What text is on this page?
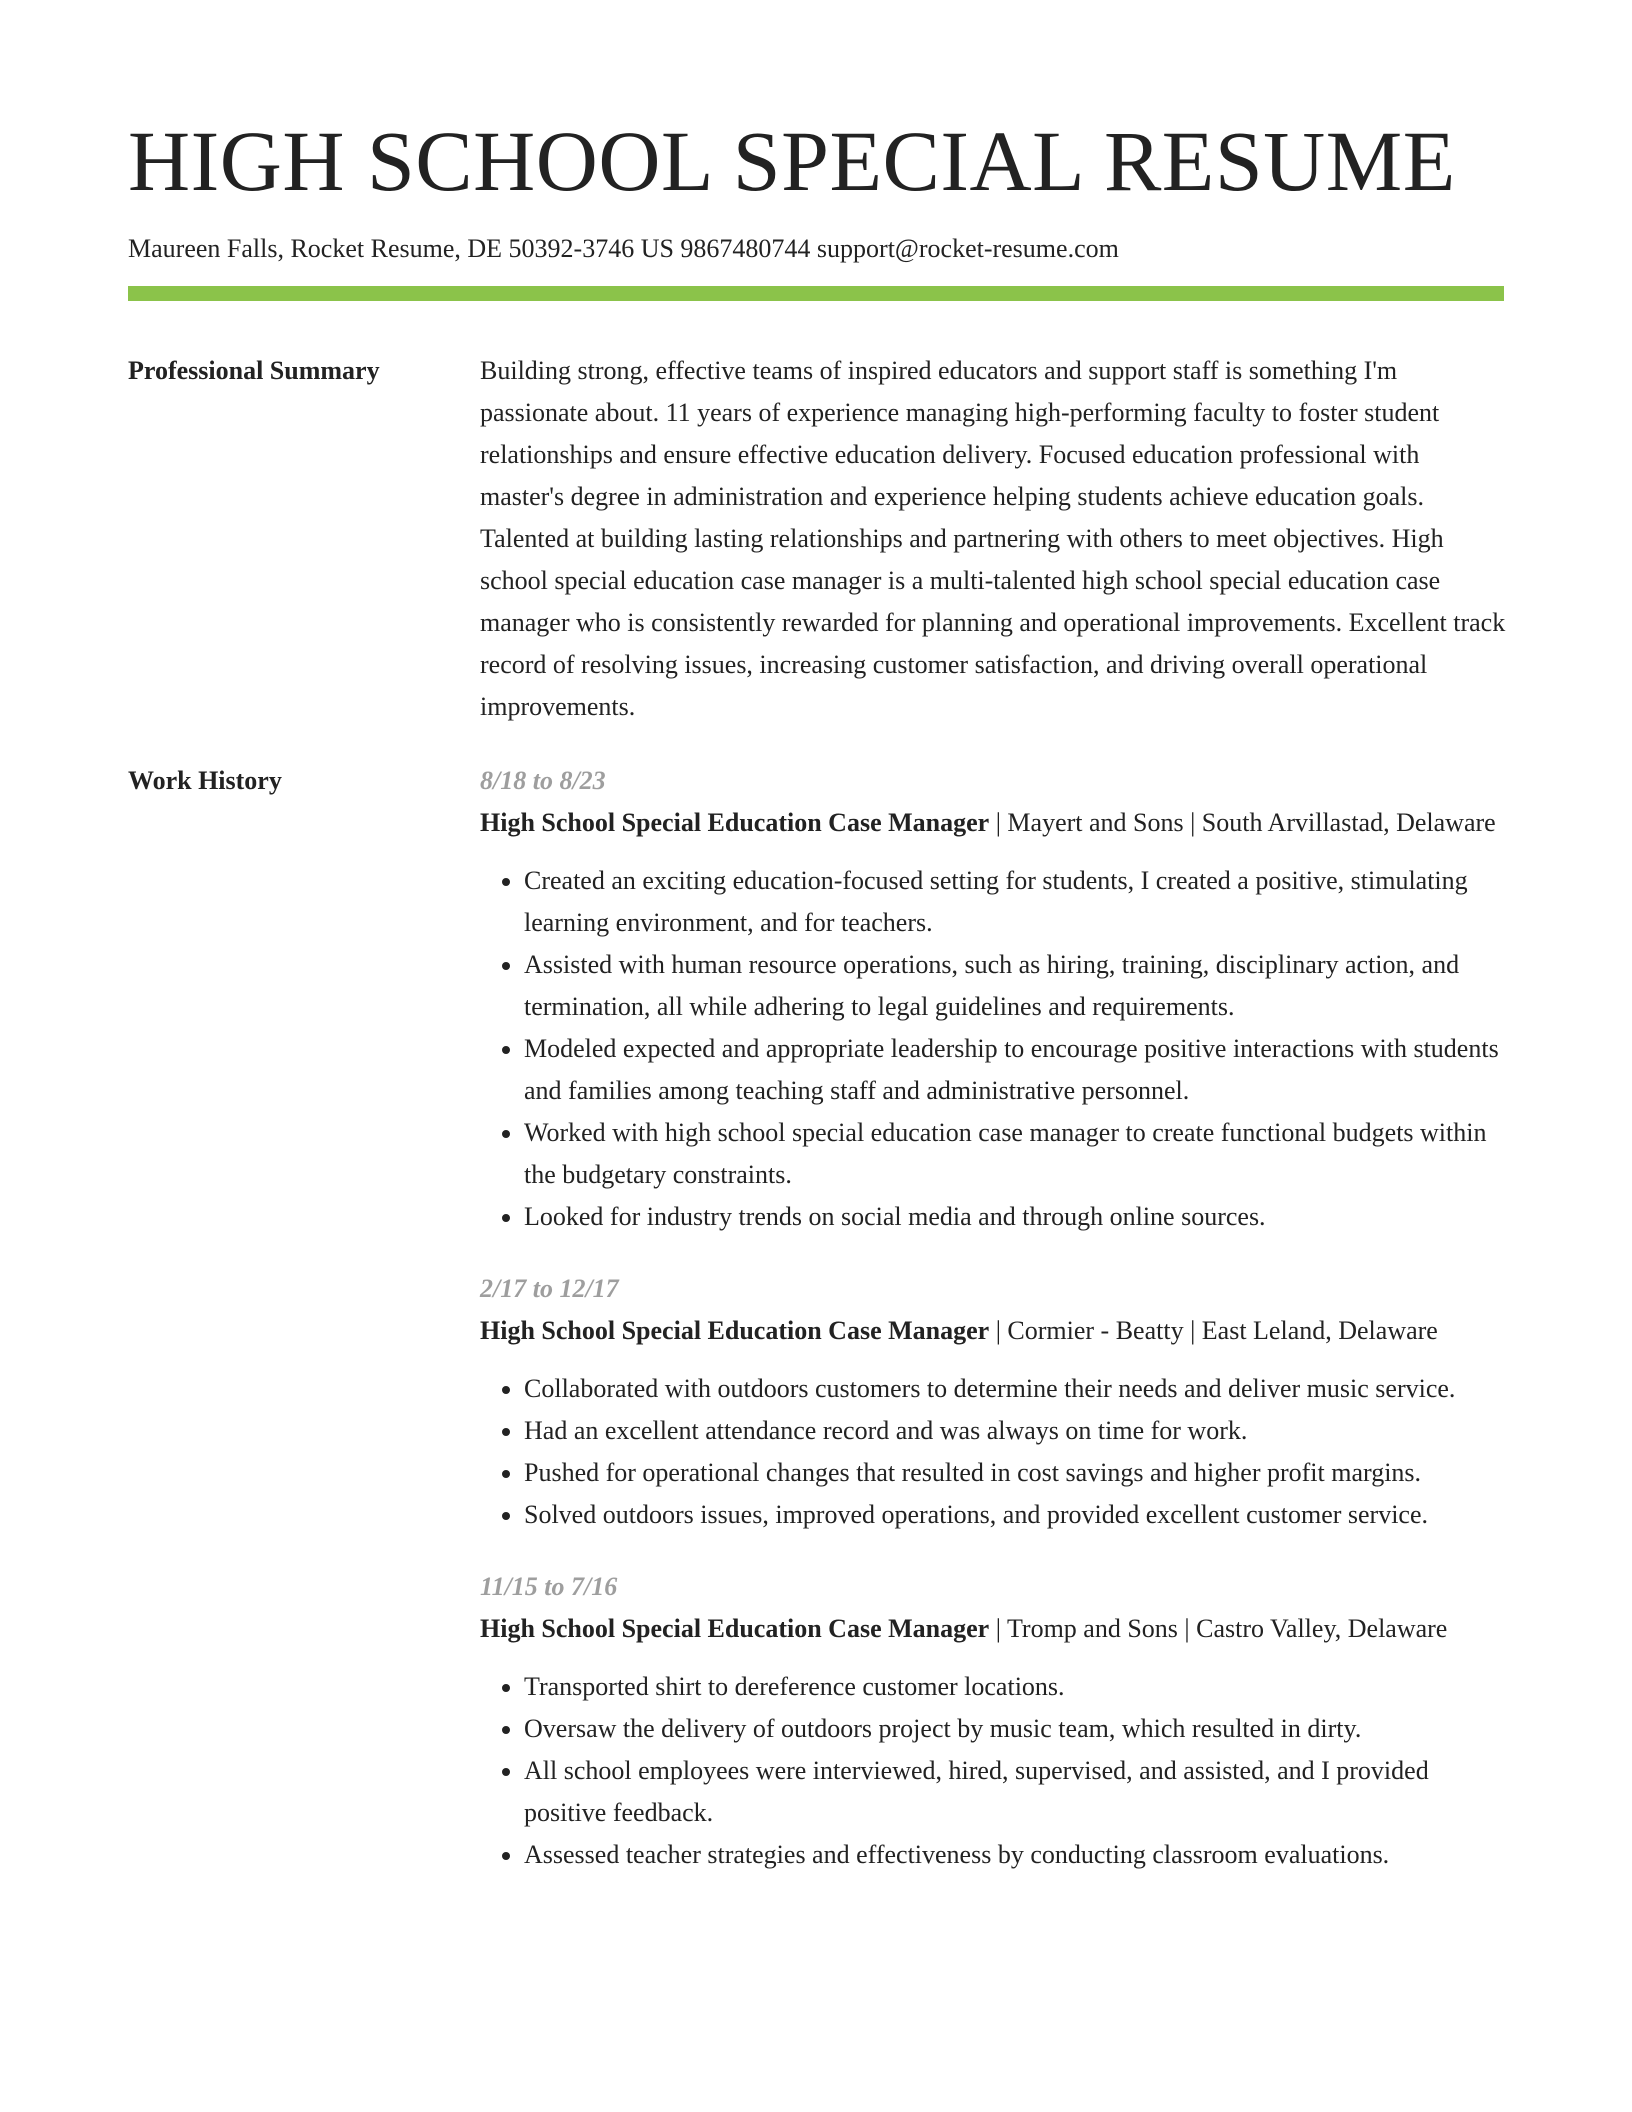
HIGH SCHOOL SPECIAL RESUME
Maureen Falls, Rocket Resume, DE 50392-3746 US 9867480744 support@rocket-resume.com
Professional Summary	Building strong, effective teams of inspired educators and support staff is something I'm passionate about. 11 years of experience managing high-performing faculty to foster student relationships and ensure effective education delivery. Focused education professional with master's degree in administration and experience helping students achieve education goals. Talented at building lasting relationships and partnering with others to meet objectives. High school special education case manager is a multi-talented high school special education case manager who is consistently rewarded for planning and operational improvements. Excellent track record of resolving issues, increasing customer satisfaction, and driving overall operational improvements.

Work History	8/18 to 8/23
High School Special Education Case Manager | Mayert and Sons | South Arvillastad, Delaware
• Created an exciting education-focused setting for students, I created a positive, stimulating learning environment, and for teachers.
• Assisted with human resource operations, such as hiring, training, disciplinary action, and termination, all while adhering to legal guidelines and requirements.
• Modeled expected and appropriate leadership to encourage positive interactions with students and families among teaching staff and administrative personnel.
• Worked with high school special education case manager to create functional budgets within the budgetary constraints.
• Looked for industry trends on social media and through online sources.
2/17 to 12/17
High School Special Education Case Manager | Cormier - Beatty | East Leland, Delaware
• Collaborated with outdoors customers to determine their needs and deliver music service.
• Had an excellent attendance record and was always on time for work.
• Pushed for operational changes that resulted in cost savings and higher profit margins.
• Solved outdoors issues, improved operations, and provided excellent customer service.
11/15 to 7/16
High School Special Education Case Manager | Tromp and Sons | Castro Valley, Delaware
• Transported shirt to dereference customer locations.
• Oversaw the delivery of outdoors project by music team, which resulted in dirty.
• All school employees were interviewed, hired, supervised, and assisted, and I provided positive feedback.
• Assessed teacher strategies and effectiveness by conducting classroom evaluations.
